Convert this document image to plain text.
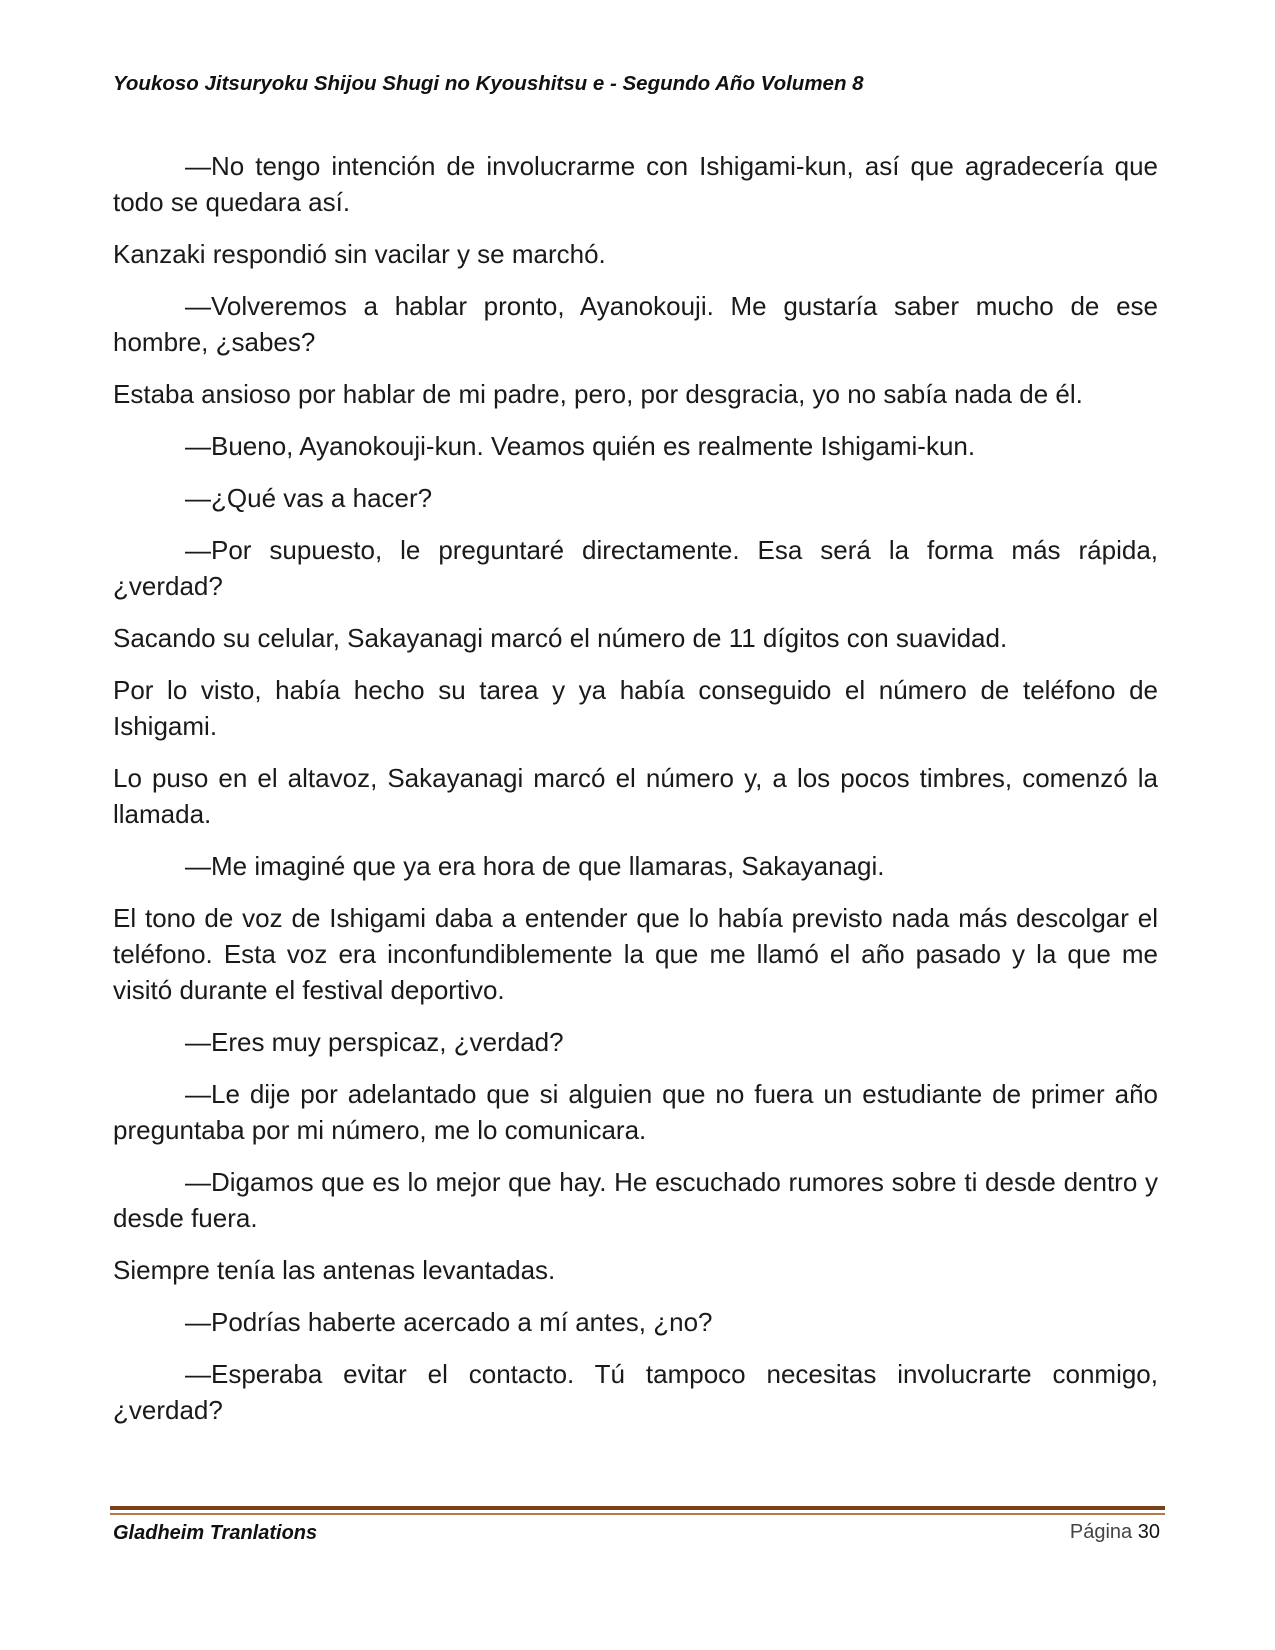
Youkoso Jitsuryoku Shijou Shugi no Kyoushitsu e - Segundo Año Volumen 8

—No tengo intención de involucrarme con Ishigami-kun, así que agradecería que todo se quedara así.

Kanzaki respondió sin vacilar y se marchó.

—Volveremos a hablar pronto, Ayanokouji. Me gustaría saber mucho de ese hombre, ¿sabes?

Estaba ansioso por hablar de mi padre, pero, por desgracia, yo no sabía nada de él.

—Bueno, Ayanokouji-kun. Veamos quién es realmente Ishigami-kun.

—¿Qué vas a hacer?

—Por supuesto, le preguntaré directamente. Esa será la forma más rápida, ¿verdad?

Sacando su celular, Sakayanagi marcó el número de 11 dígitos con suavidad.

Por lo visto, había hecho su tarea y ya había conseguido el número de teléfono de Ishigami.

Lo puso en el altavoz, Sakayanagi marcó el número y, a los pocos timbres, comenzó la llamada.

—Me imaginé que ya era hora de que llamaras, Sakayanagi.

El tono de voz de Ishigami daba a entender que lo había previsto nada más descolgar el teléfono. Esta voz era inconfundiblemente la que me llamó el año pasado y la que me visitó durante el festival deportivo.

—Eres muy perspicaz, ¿verdad?

—Le dije por adelantado que si alguien que no fuera un estudiante de primer año preguntaba por mi número, me lo comunicara.

—Digamos que es lo mejor que hay. He escuchado rumores sobre ti desde dentro y desde fuera.

Siempre tenía las antenas levantadas.

—Podrías haberte acercado a mí antes, ¿no?

—Esperaba evitar el contacto. Tú tampoco necesitas involucrarte conmigo, ¿verdad?

Gladheim Tranlations	Página 30
